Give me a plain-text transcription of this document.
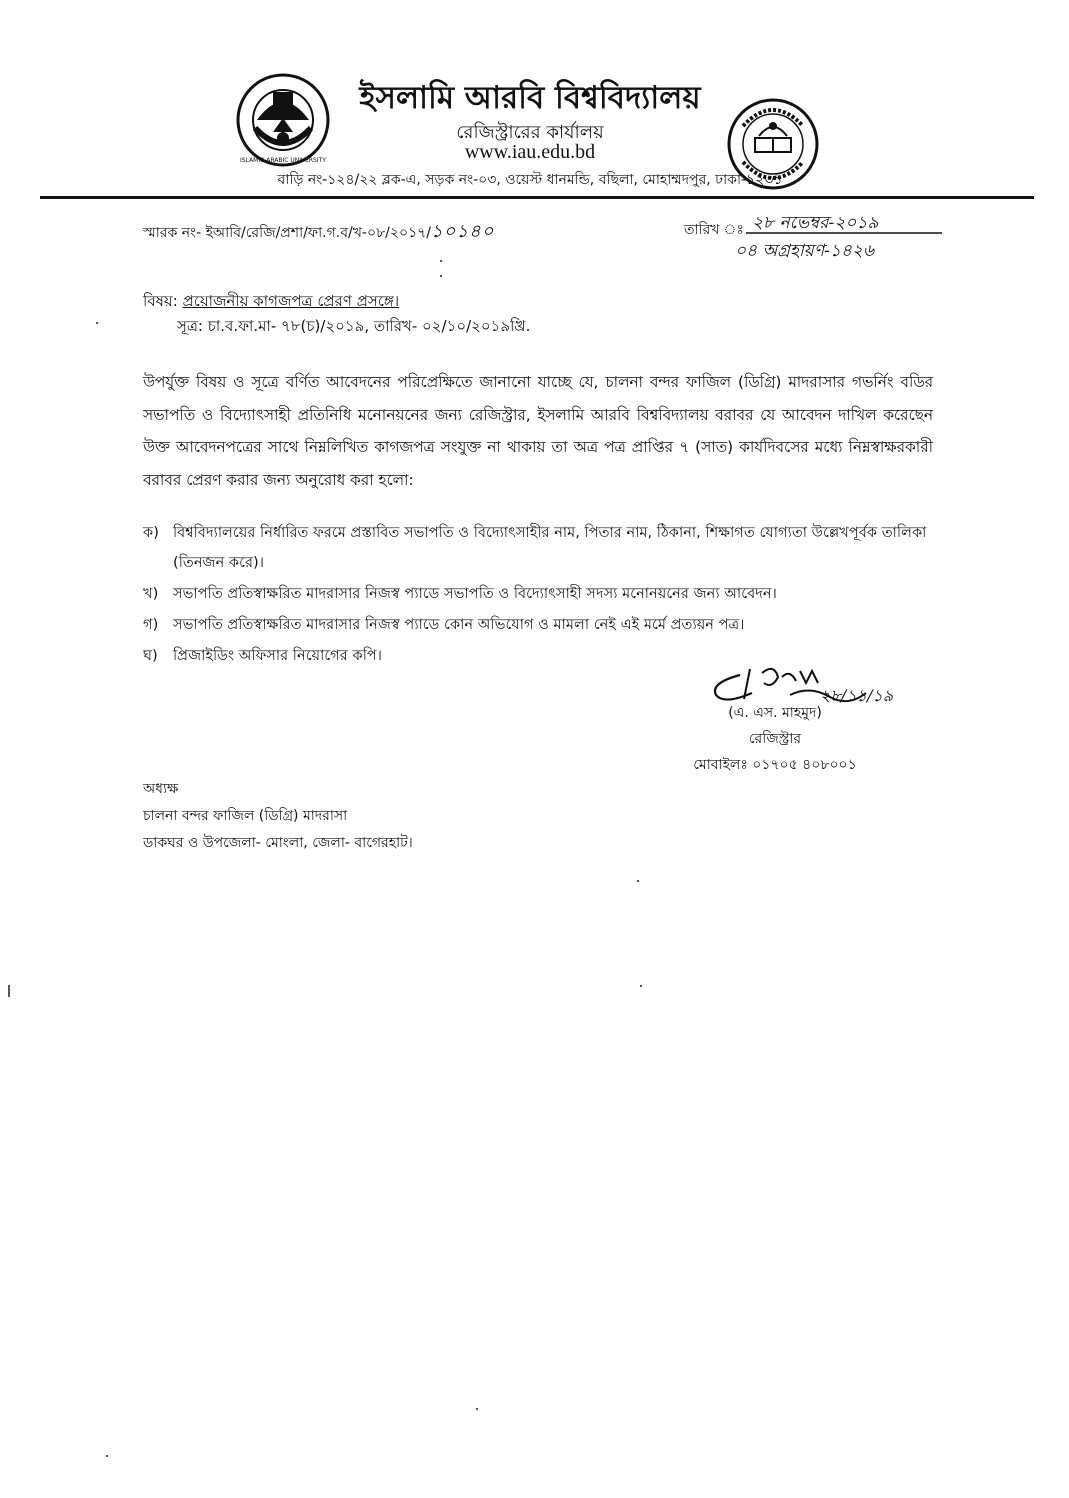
ISLAMIC ARABIC UNIVERSITY
ইসলামি আরবি বিশ্ববিদ্যালয়
রেজিস্ট্রারের কার্যালয়
www.iau.edu.bd
বাড়ি নং-১২৪/২২ ব্লক-এ, সড়ক নং-০৩, ওয়েস্ট ধানমন্ডি, বছিলা, মোহাম্মদপুর, ঢাকা-১২৩১
স্মারক নং- ইআবি/রেজি/প্রশা/ফা.গ.ব/খ-০৮/২০১৭/১০১৪০	তারিখ ঃ ২৮ নভেম্বর-২০১৯
০৪ অগ্রহায়ণ-১৪২৬
বিষয়: প্রয়োজনীয় কাগজপত্র প্রেরণ প্রসঙ্গে।
সূত্র: চা.ব.ফা.মা- ৭৮(চ)/২০১৯, তারিখ- ০২/১০/২০১৯খ্রি.
উপর্যুক্ত বিষয় ও সূত্রে বর্ণিত আবেদনের পরিপ্রেক্ষিতে জানানো যাচ্ছে যে, চালনা বন্দর ফাজিল (ডিগ্রি) মাদরাসার গভর্নিং বডির সভাপতি ও বিদ্যোৎসাহী প্রতিনিধি মনোনয়নের জন্য রেজিস্ট্রার, ইসলামি আরবি বিশ্ববিদ্যালয় বরাবর যে আবেদন দাখিল করেছেন উক্ত আবেদনপত্রের সাথে নিম্নলিখিত কাগজপত্র সংযুক্ত না থাকায় তা অত্র পত্র প্রাপ্তির ৭ (সাত) কার্যদিবসের মধ্যে নিম্নস্বাক্ষরকারী বরাবর প্রেরণ করার জন্য অনুরোধ করা হলো:
ক) বিশ্ববিদ্যালয়ের নির্ধারিত ফরমে প্রস্তাবিত সভাপতি ও বিদ্যোৎসাহীর নাম, পিতার নাম, ঠিকানা, শিক্ষাগত যোগ্যতা উল্লেখপূর্বক তালিকা (তিনজন করে)।
খ) সভাপতি প্রতিস্বাক্ষরিত মাদরাসার নিজস্ব প্যাডে সভাপতি ও বিদ্যোৎসাহী সদস্য মনোনয়নের জন্য আবেদন।
গ) সভাপতি প্রতিস্বাক্ষরিত মাদরাসার নিজস্ব প্যাডে কোন অভিযোগ ও মামলা নেই এই মর্মে প্রত্যয়ন পত্র।
ঘ) প্রিজাইডিং অফিসার নিয়োগের কপি।
২৮/১১/১৯
(এ. এস. মাহমুদ)
রেজিস্ট্রার
মোবাইলঃ ০১৭০৫ ৪০৮০০১
অধ্যক্ষ
চালনা বন্দর ফাজিল (ডিগ্রি) মাদরাসা
ডাকঘর ও উপজেলা- মোংলা, জেলা- বাগেরহাট।
